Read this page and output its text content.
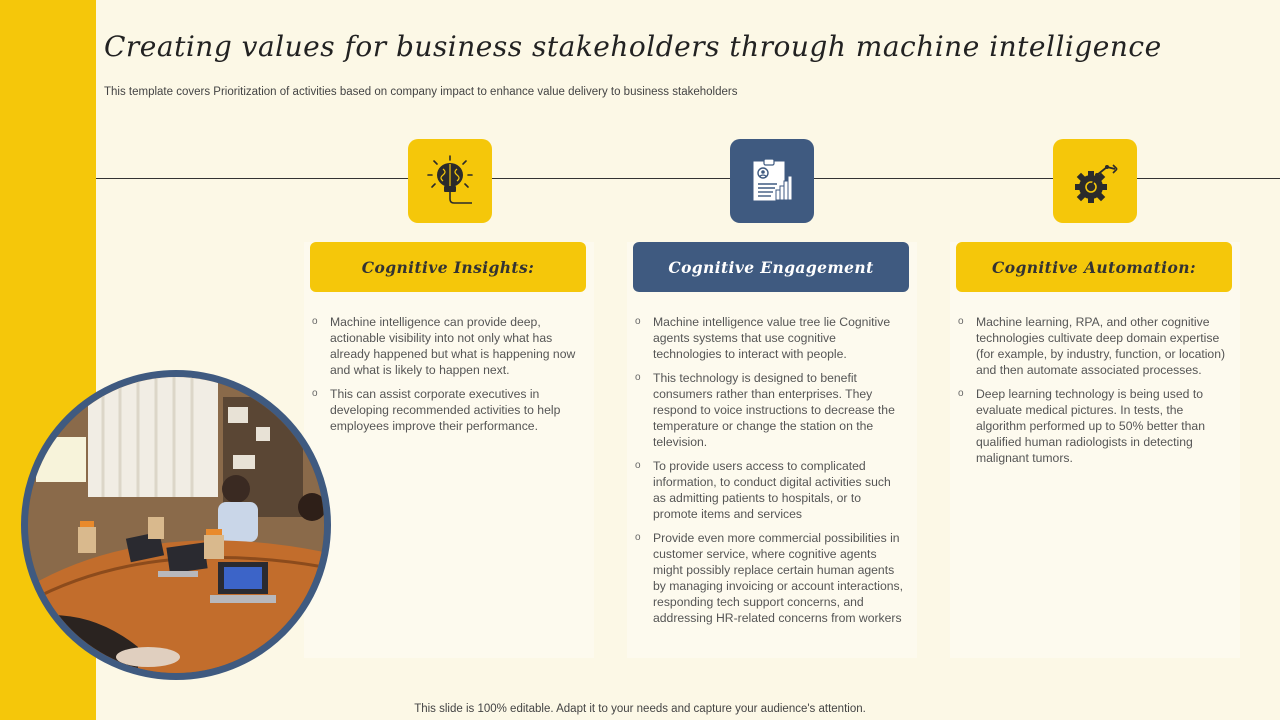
Creating values for business stakeholders through machine intelligence
This template covers Prioritization of activities based on company impact to enhance value delivery to business stakeholders
Cognitive Insights:
o Machine intelligence can provide deep, actionable visibility into not only what has already happened but what is happening now and what is likely to happen next.
o This can assist corporate executives in developing recommended activities to help employees improve their performance.
Cognitive Engagement
o Machine intelligence value tree lie Cognitive agents systems that use cognitive technologies to interact with people.
o This technology is designed to benefit consumers rather than enterprises. They respond to voice instructions to decrease the temperature or change the station on the television.
o To provide users access to complicated information, to conduct digital activities such as admitting patients to hospitals, or to promote items and services
o Provide even more commercial possibilities in customer service, where cognitive agents might possibly replace certain human agents by managing invoicing or account interactions, responding tech support concerns, and addressing HR-related concerns from workers
Cognitive Automation:
o Machine learning, RPA, and other cognitive technologies cultivate deep domain expertise (for example, by industry, function, or location) and then automate associated processes.
o Deep learning technology is being used to evaluate medical pictures. In tests, the algorithm performed up to 50% better than qualified human radiologists in detecting malignant tumors.
This slide is 100% editable. Adapt it to your needs and capture your audience's attention.
